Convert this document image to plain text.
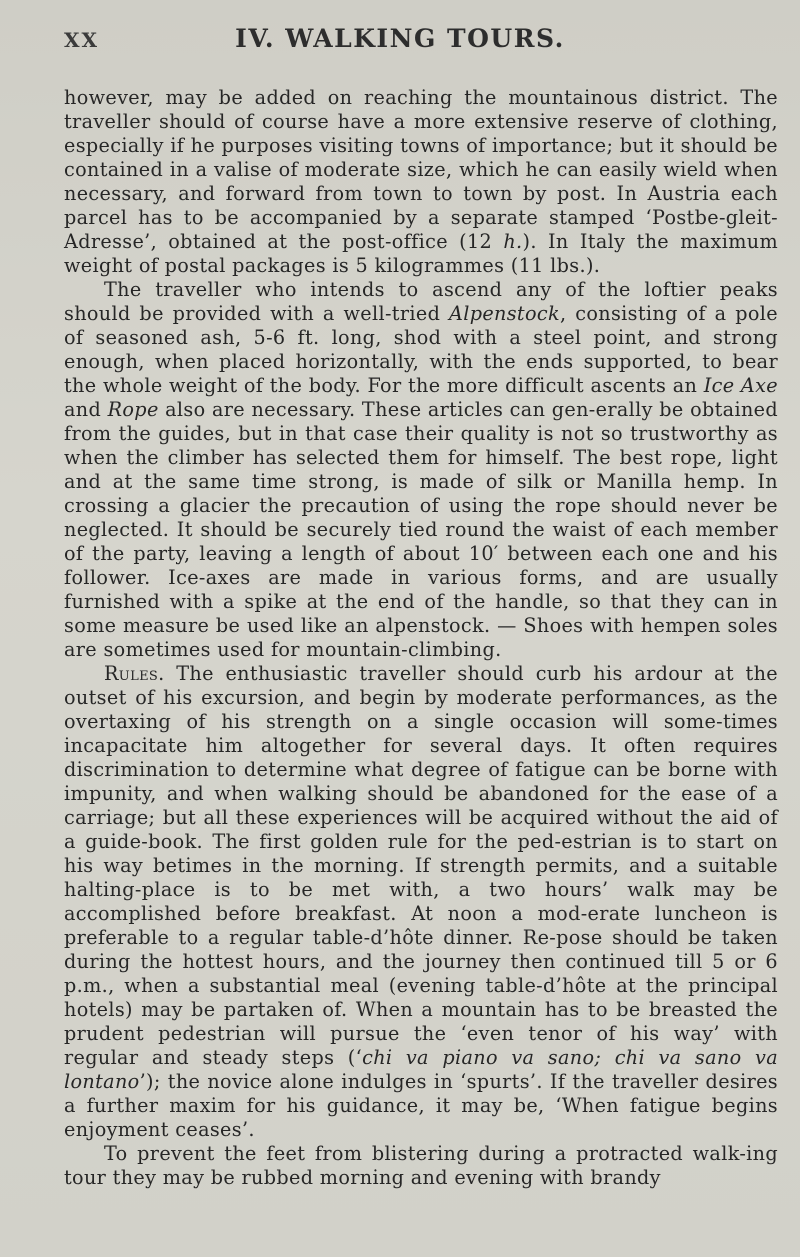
XX	IV. WALKING TOURS.

however, may be added on reaching the mountainous district. The traveller should of course have a more extensive reserve of clothing, especially if he purposes visiting towns of importance; but it should be contained in a valise of moderate size, which he can easily wield when necessary, and forward from town to town by post. In Austria each parcel has to be accompanied by a separate stamped ‘Postbe-gleit-Adresse’, obtained at the post-office (12 h.). In Italy the maximum weight of postal packages is 5 kilogrammes (11 lbs.).

The traveller who intends to ascend any of the loftier peaks should be provided with a well-tried Alpenstock, consisting of a pole of seasoned ash, 5-6 ft. long, shod with a steel point, and strong enough, when placed horizontally, with the ends supported, to bear the whole weight of the body. For the more difficult ascents an Ice Axe and Rope also are necessary. These articles can gen-erally be obtained from the guides, but in that case their quality is not so trustworthy as when the climber has selected them for himself. The best rope, light and at the same time strong, is made of silk or Manilla hemp. In crossing a glacier the precaution of using the rope should never be neglected. It should be securely tied round the waist of each member of the party, leaving a length of about 10′ between each one and his follower. Ice-axes are made in various forms, and are usually furnished with a spike at the end of the handle, so that they can in some measure be used like an alpenstock. — Shoes with hempen soles are sometimes used for mountain-climbing.

Rules. The enthusiastic traveller should curb his ardour at the outset of his excursion, and begin by moderate performances, as the overtaxing of his strength on a single occasion will some-times incapacitate him altogether for several days. It often requires discrimination to determine what degree of fatigue can be borne with impunity, and when walking should be abandoned for the ease of a carriage; but all these experiences will be acquired without the aid of a guide-book. The first golden rule for the ped-estrian is to start on his way betimes in the morning. If strength permits, and a suitable halting-place is to be met with, a two hours’ walk may be accomplished before breakfast. At noon a mod-erate luncheon is preferable to a regular table-d’hôte dinner. Re-pose should be taken during the hottest hours, and the journey then continued till 5 or 6 p.m., when a substantial meal (evening table-d’hôte at the principal hotels) may be partaken of. When a mountain has to be breasted the prudent pedestrian will pursue the ‘even tenor of his way’ with regular and steady steps (‘chi va piano va sano; chi va sano va lontano’); the novice alone indulges in ‘spurts’. If the traveller desires a further maxim for his guidance, it may be, ‘When fatigue begins enjoyment ceases’.

To prevent the feet from blistering during a protracted walk-ing tour they may be rubbed morning and evening with brandy
